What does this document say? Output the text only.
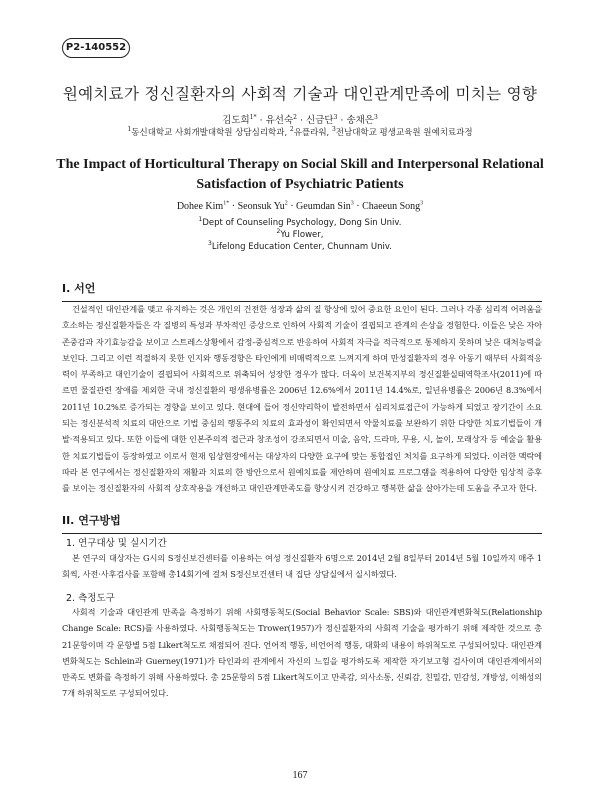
P2-140552
원예치료가 정신질환자의 사회적 기술과 대인관계만족에 미치는 영향
김도희$^{1*}$ · 유선숙$^2$ · 신금단$^3$ · 송채은$^3$
$^1$동신대학교 사회개발대학원 상담심리학과, $^2$유플라워, $^3$전남대학교 평생교육원 원예치료과정
The Impact of Horticultural Therapy on Social Skill and Interpersonal Relational Satisfaction of Psychiatric Patients
Dohee Kim$^{1*}$ · Seonsuk $Yu^2$ · Geumdan Sin$^3$ · Chaeeun Song$^3$
$^1$Dept of Counseling Psychology, Dong Sin Univ.
$^2$Yu Flower,
$^3$Lifelong Education Center, Chunnam Univ.
I. 서언
건설적인 대인관계를 맺고 유지하는 것은 개인의 건전한 성장과 삶의 질 향상에 있어 중요한 요인이 된다. 그러나 각종 심리적 어려움을 호소하는 정신질환자들은 각 질병의 특성과 부차적인 증상으로 인하여 사회적 기술이 결핍되고 관계의 손상을 경험한다. 이들은 낮은 자아존중감과 자기효능감을 보이고 스트레스상황에서 감정-중심적으로 반응하여 사회적 자극을 적극적으로 통제하지 못하며 낮은 대처능력을 보인다. 그리고 이런 적절하지 못한 인지와 행동경향은 타인에게 비매력적으로 느껴지게 하며 만성질환자의 경우 아동기 때부터 사회적응력이 부족하고 대인기술이 결핍되어 사회적으로 위축되어 성장한 경우가 많다. 더욱이 보건복지부의 정신질환실태역학조사(2011)에 따르면 물질관련 장애를 제외한 국내 정신질환의 평생유병률은 2006년 12.6%에서 2011년 14.4%로, 일년유병률은 2006년 8.3%에서 2011년 10.2%로 증가되는 경향을 보이고 있다. 현대에 들어 정신약리학이 발전하면서 심리치료접근이 가능하게 되었고 장기간이 소요되는 정신분석적 치료의 대안으로 기법 중심의 행동주의 치료의 효과성이 확인되면서 약물치료를 보완하기 위한 다양한 치료기법들이 개발·적용되고 있다. 또한 이들에 대한 인본주의적 접근과 창조성이 강조되면서 미술, 음악, 드라마, 무용, 시, 놀이, 모래상자 등 예술을 활용한 치료기법들이 등장하였고 이로서 현재 임상현장에서는 대상자의 다양한 요구에 맞는 통합접인 처치를 요구하게 되었다. 이러한 맥락에 따라 본 연구에서는 정신질환자의 재활과 치료의 한 방안으로서 원예치료를 제안하며 원예치료 프로그램을 적용하여 다양한 임상적 증후를 보이는 정신질환자의 사회적 상호작용을 개선하고 대인관계만족도를 향상시켜 건강하고 행복한 삶을 살아가는데 도움을 주고자 한다.
II. 연구방법
1. 연구대상 및 실시기간
본 연구의 대상자는 G시의 S정신보건센터를 이용하는 여성 정신질환자 6명으로 2014년 2월 8일부터 2014년 5월 10일까지 매주 1회씩, 사전·사후검사를 포함해 총14회기에 걸쳐 S정신보건센터 내 집단 상담실에서 실시하였다.
2. 측정도구
사회적 기술과 대인관계 만족을 측정하기 위해 사회행동척도(Social Behavior Scale: SBS)와 대인관계변화척도(Relationship Change Scale: RCS)를 사용하였다. 사회행동척도는 Trower(1957)가 정신질환자의 사회적 기술을 평가하기 위해 제작한 것으로 총 21문항이며 각 문항별 5점 Likert척도로 채점되어 진다. 언어적 행동, 비언어적 행동, 대화의 내용이 하위척도로 구성되어있다. 대인관계변화척도는 Schlein과 Guerney(1971)가 타인과의 관계에서 자신의 느낌을 평가하도록 제작한 자기보고형 검사이며 대인관계에서의 만족도 변화를 측정하기 위해 사용하였다. 총 25문항의 5점 Likert척도이고 만족감, 의사소통, 신뢰감, 친밀감, 민감성, 개방성, 이해성의 7개 하위척도로 구성되어있다.
167
